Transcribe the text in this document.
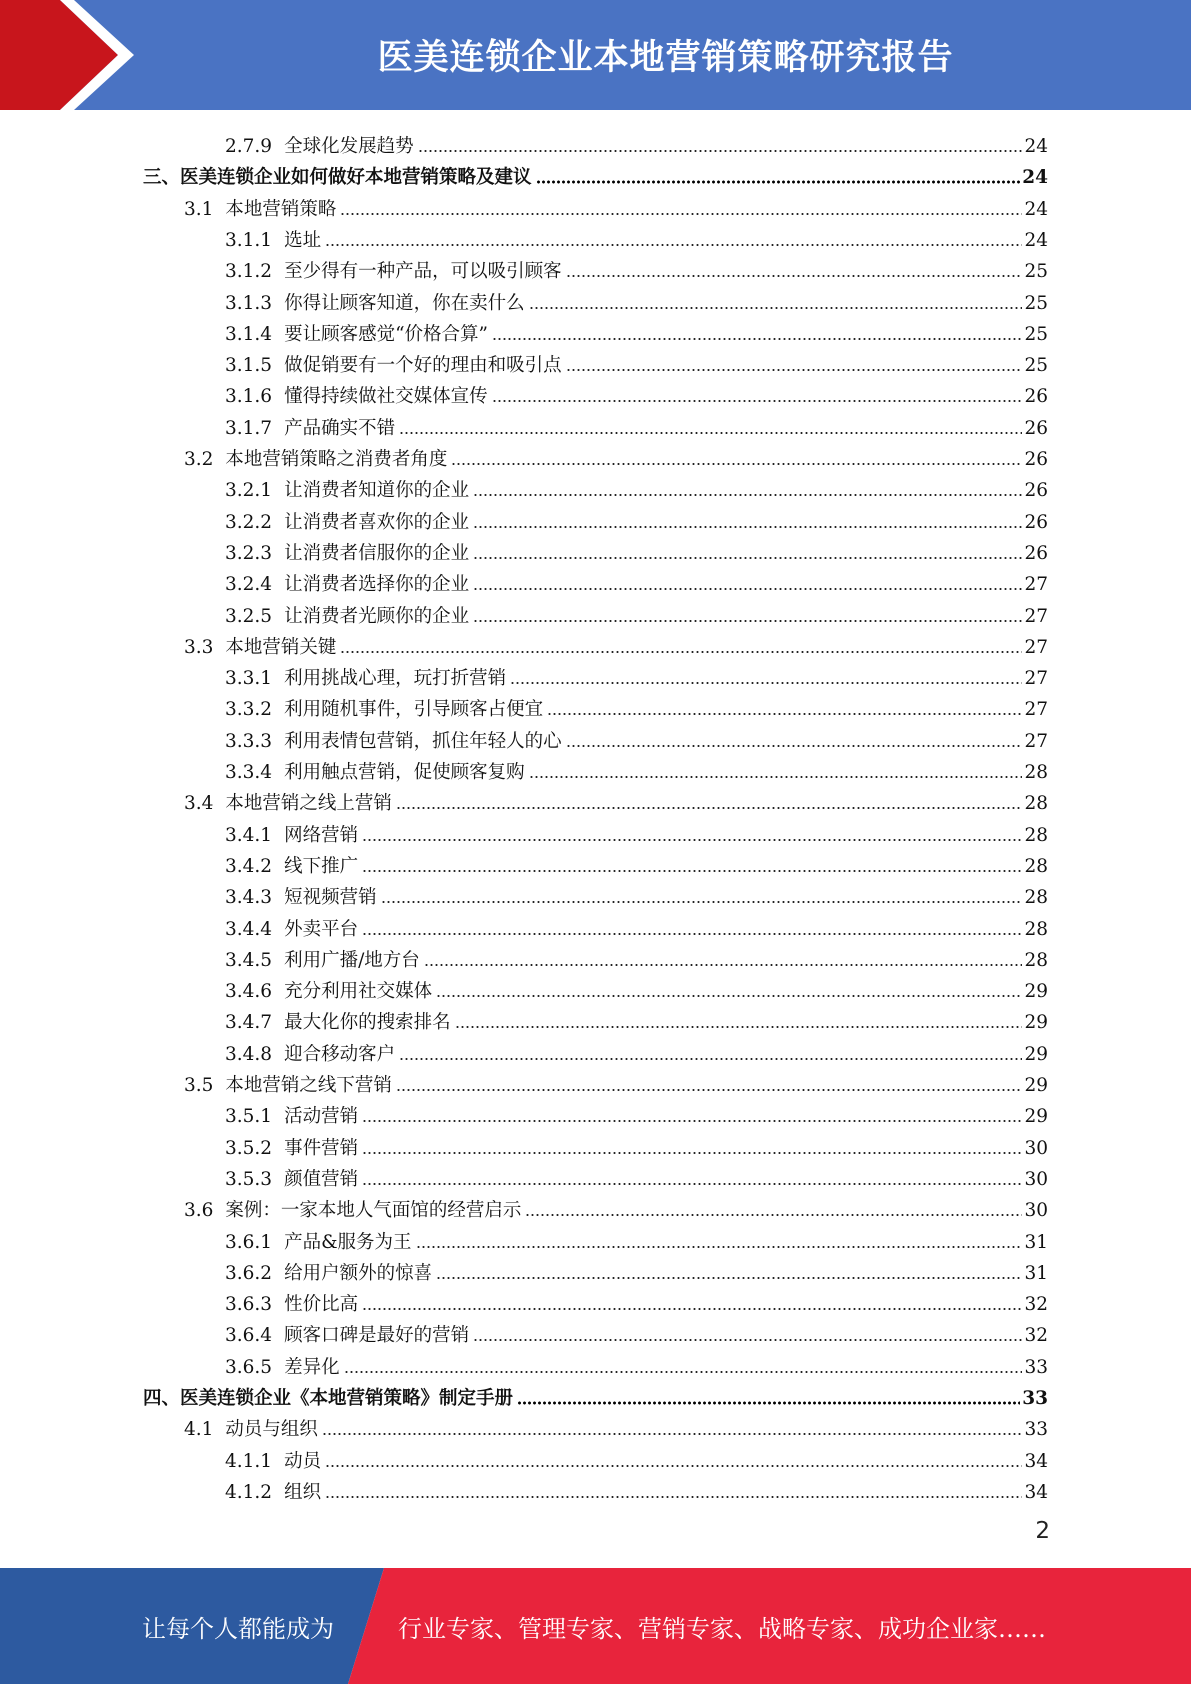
医美连锁企业本地营销策略研究报告
2.7.9 全球化发展趋势	24
三、医美连锁企业如何做好本地营销策略及建议	24
3.1 本地营销策略	24
3.1.1 选址	24
3.1.2 至少得有一种产品，可以吸引顾客	25
3.1.3 你得让顾客知道，你在卖什么	25
3.1.4 要让顾客感觉“价格合算”	25
3.1.5 做促销要有一个好的理由和吸引点	25
3.1.6 懂得持续做社交媒体宣传	26
3.1.7 产品确实不错	26
3.2 本地营销策略之消费者角度	26
3.2.1 让消费者知道你的企业	26
3.2.2 让消费者喜欢你的企业	26
3.2.3 让消费者信服你的企业	26
3.2.4 让消费者选择你的企业	27
3.2.5 让消费者光顾你的企业	27
3.3 本地营销关键	27
3.3.1 利用挑战心理，玩打折营销	27
3.3.2 利用随机事件，引导顾客占便宜	27
3.3.3 利用表情包营销，抓住年轻人的心	27
3.3.4 利用触点营销，促使顾客复购	28
3.4 本地营销之线上营销	28
3.4.1 网络营销	28
3.4.2 线下推广	28
3.4.3 短视频营销	28
3.4.4 外卖平台	28
3.4.5 利用广播/地方台	28
3.4.6 充分利用社交媒体	29
3.4.7 最大化你的搜索排名	29
3.4.8 迎合移动客户	29
3.5 本地营销之线下营销	29
3.5.1 活动营销	29
3.5.2 事件营销	30
3.5.3 颜值营销	30
3.6 案例：一家本地人气面馆的经营启示	30
3.6.1 产品&服务为王	31
3.6.2 给用户额外的惊喜	31
3.6.3 性价比高	32
3.6.4 顾客口碑是最好的营销	32
3.6.5 差异化	33
四、医美连锁企业《本地营销策略》制定手册	33
4.1 动员与组织	33
4.1.1 动员	34
4.1.2 组织	34
2
让每个人都能成为	行业专家、管理专家、营销专家、战略专家、成功企业家……
